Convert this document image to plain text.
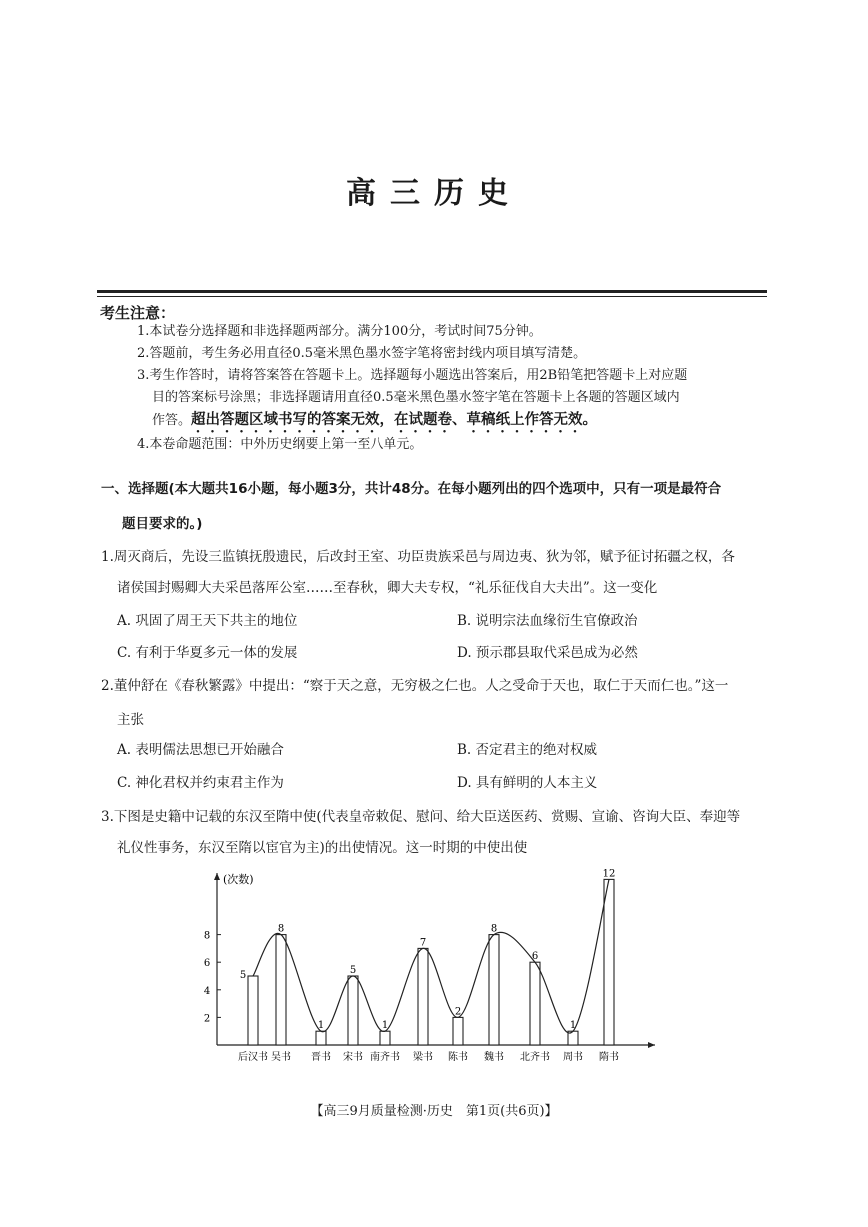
高三历史
考生注意：
1.本试卷分选择题和非选择题两部分。满分100分，考试时间75分钟。
2.答题前，考生务必用直径0.5毫米黑色墨水签字笔将密封线内项目填写清楚。
3.考生作答时，请将答案答在答题卡上。选择题每小题选出答案后，用2B铅笔把答题卡上对应题
目的答案标号涂黑；非选择题请用直径0.5毫米黑色墨水签字笔在答题卡上各题的答题区域内
作答。超出答题区域书写的答案无效，在试题卷、草稿纸上作答无效。
4.本卷命题范围：中外历史纲要上第一至八单元。
一、选择题(本大题共16小题，每小题3分，共计48分。在每小题列出的四个选项中，只有一项是最符合
题目要求的。)
1.周灭商后，先设三监镇抚殷遗民，后改封王室、功臣贵族采邑与周边夷、狄为邻，赋予征讨拓疆之权，各
诸侯国封赐卿大夫采邑落厍公室……至春秋，卿大夫专权，“礼乐征伐自大夫出”。这一变化
A. 巩固了周王天下共主的地位	B. 说明宗法血缘衍生官僚政治
C. 有利于华夏多元一体的发展	D. 预示郡县取代采邑成为必然
2.董仲舒在《春秋繁露》中提出：“察于天之意，无穷极之仁也。人之受命于天也，取仁于天而仁也。”这一
主张
A. 表明儒法思想已开始融合	B. 否定君主的绝对权威
C. 神化君权并约束君主作为	D. 具有鲜明的人本主义
3.下图是史籍中记载的东汉至隋中使(代表皇帝敕促、慰问、给大臣送医药、赏赐、宣谕、咨询大臣、奉迎等
礼仪性事务，东汉至隋以宦官为主)的出使情况。这一时期的中使出使
(次数)
2
4
6
8
5
后汉书
8
吴书
1
晋书
5
宋书
1
南齐书
7
梁书
2
陈书
8
魏书
6
北齐书
1
周书
12
隋书
【高三9月质量检测·历史　第1页(共6页)】
